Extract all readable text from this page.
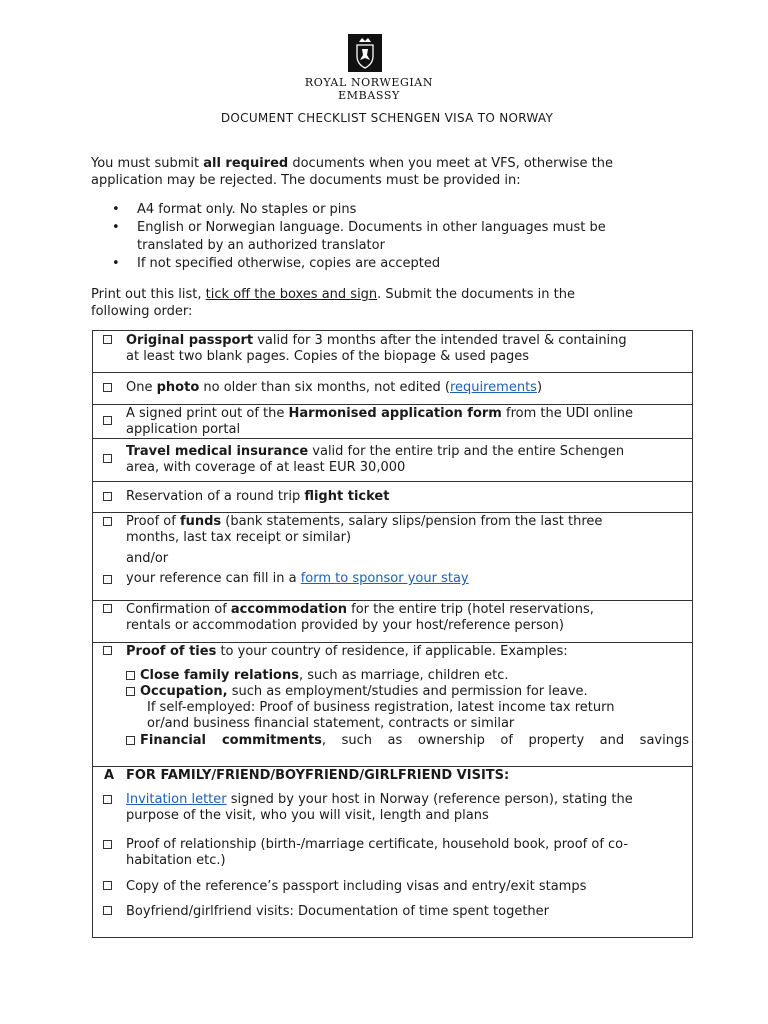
ROYAL NORWEGIAN EMBASSY
DOCUMENT CHECKLIST SCHENGEN VISA TO NORWAY

You must submit all required documents when you meet at VFS, otherwise the
application may be rejected. The documents must be provided in:

• A4 format only. No staples or pins
• English or Norwegian language. Documents in other languages must be
translated by an authorized translator
• If not specified otherwise, copies are accepted

Print out this list, tick off the boxes and sign. Submit the documents in the
following order:

Original passport valid for 3 months after the intended travel & containing
at least two blank pages. Copies of the biopage & used pages
One photo no older than six months, not edited (requirements)
A signed print out of the Harmonised application form from the UDI online
application portal
Travel medical insurance valid for the entire trip and the entire Schengen
area, with coverage of at least EUR 30,000
Reservation of a round trip flight ticket
Proof of funds (bank statements, salary slips/pension from the last three
months, last tax receipt or similar)
and/or
your reference can fill in a form to sponsor your stay
Confirmation of accommodation for the entire trip (hotel reservations,
rentals or accommodation provided by your host/reference person)
Proof of ties to your country of residence, if applicable. Examples:
Close family relations, such as marriage, children etc.
Occupation, such as employment/studies and permission for leave.
If self-employed: Proof of business registration, latest income tax return
or/and business financial statement, contracts or similar
Financial commitments, such as ownership of property and savings
A FOR FAMILY/FRIEND/BOYFRIEND/GIRLFRIEND VISITS:
Invitation letter signed by your host in Norway (reference person), stating the
purpose of the visit, who you will visit, length and plans
Proof of relationship (birth-/marriage certificate, household book, proof of co-
habitation etc.)
Copy of the reference’s passport including visas and entry/exit stamps
Boyfriend/girlfriend visits: Documentation of time spent together
